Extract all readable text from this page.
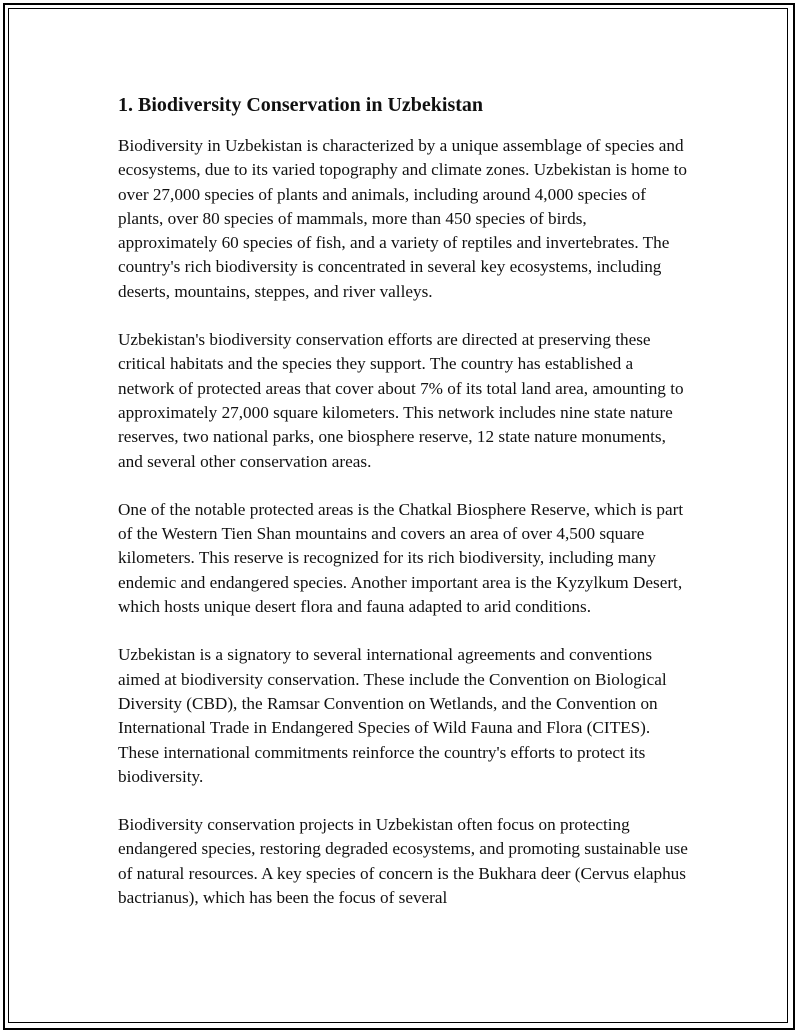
1. Biodiversity Conservation in Uzbekistan

Biodiversity in Uzbekistan is characterized by a unique assemblage of species and ecosystems, due to its varied topography and climate zones. Uzbekistan is home to over 27,000 species of plants and animals, including around 4,000 species of plants, over 80 species of mammals, more than 450 species of birds, approximately 60 species of fish, and a variety of reptiles and invertebrates. The country's rich biodiversity is concentrated in several key ecosystems, including deserts, mountains, steppes, and river valleys.

Uzbekistan's biodiversity conservation efforts are directed at preserving these critical habitats and the species they support. The country has established a network of protected areas that cover about 7% of its total land area, amounting to approximately 27,000 square kilometers. This network includes nine state nature reserves, two national parks, one biosphere reserve, 12 state nature monuments, and several other conservation areas.

One of the notable protected areas is the Chatkal Biosphere Reserve, which is part of the Western Tien Shan mountains and covers an area of over 4,500 square kilometers. This reserve is recognized for its rich biodiversity, including many endemic and endangered species. Another important area is the Kyzylkum Desert, which hosts unique desert flora and fauna adapted to arid conditions.

Uzbekistan is a signatory to several international agreements and conventions aimed at biodiversity conservation. These include the Convention on Biological Diversity (CBD), the Ramsar Convention on Wetlands, and the Convention on International Trade in Endangered Species of Wild Fauna and Flora (CITES). These international commitments reinforce the country's efforts to protect its biodiversity.

Biodiversity conservation projects in Uzbekistan often focus on protecting endangered species, restoring degraded ecosystems, and promoting sustainable use of natural resources. A key species of concern is the Bukhara deer (Cervus elaphus bactrianus), which has been the focus of several
